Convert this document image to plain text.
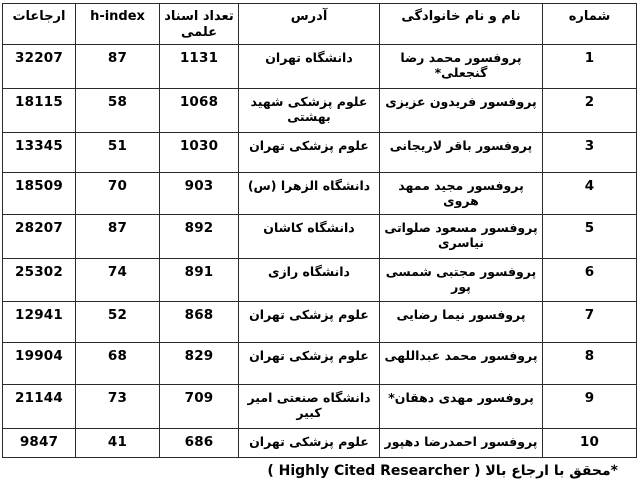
شماره	نام و نام خانوادگی	آدرس	تعداد اسناد علمی	h-index	ارجاعات
1	پروفسور محمد رضا گنجعلی*	دانشگاه تهران	1131	87	32207
2	پروفسور فریدون عزیزی	علوم پزشکی شهید بهشتی	1068	58	18115
3	پروفسور باقر لاریجانی	علوم پزشکی تهران	1030	51	13345
4	پروفسور مجید ممهد هروی	دانشگاه الزهرا (س)	903	70	18509
5	پروفسور مسعود صلواتی نیاسری	دانشگاه کاشان	892	87	28207
6	پروفسور مجتبی شمسی پور	دانشگاه رازی	891	74	25302
7	پروفسور نیما رضایی	علوم پزشکی تهران	868	52	12941
8	پروفسور محمد عبداللهی	علوم پزشکی تهران	829	68	19904
9	پروفسور مهدی دهقان*	دانشگاه صنعتی امیر کبیر	709	73	21144
10	پروفسور احمدرضا دهپور	علوم پزشکی تهران	686	41	9847
*محقق با ارجاع بالا ( Highly Cited Researcher )
